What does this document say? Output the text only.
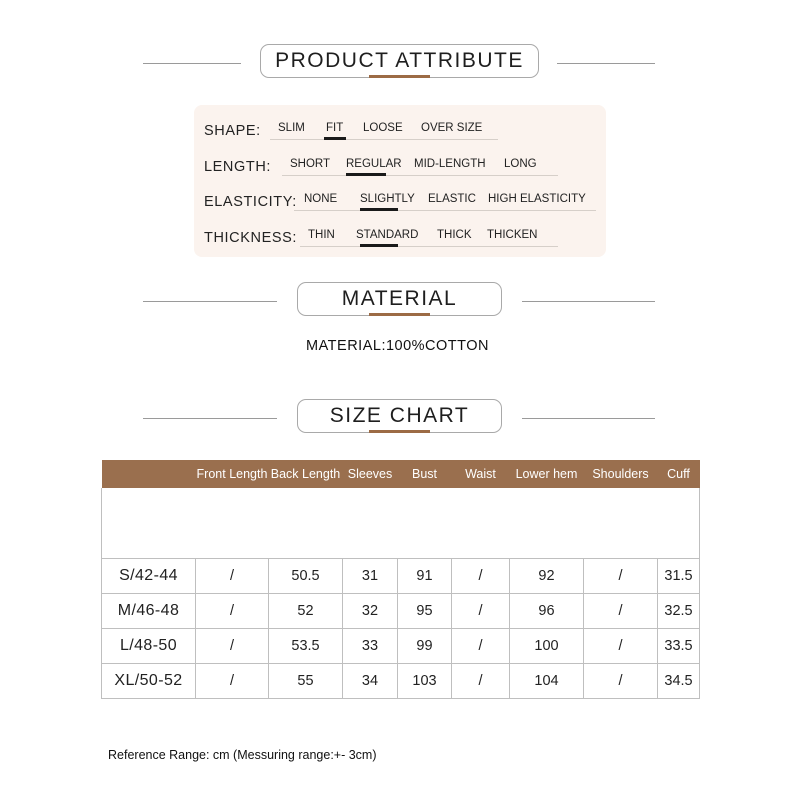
PRODUCT ATTRIBUTE
SHAPE: SLIM FIT LOOSE OVER SIZE
LENGTH: SHORT REGULAR MID-LENGTH LONG
ELASTICITY: NONE SLIGHTLY ELASTIC HIGH ELASTICITY
THICKNESS: THIN STANDARD THICK THICKEN
MATERIAL
MATERIAL:100%COTTON
SIZE CHART
	Front Length	Back Length	Sleeves	Bust	Waist	Lower hem	Shoulders	Cuff

S/42-44	/	50.5	31	91	/	92	/	31.5
M/46-48	/	52	32	95	/	96	/	32.5
L/48-50	/	53.5	33	99	/	100	/	33.5
XL/50-52	/	55	34	103	/	104	/	34.5
Reference Range: cm (Messuring range:+- 3cm)
